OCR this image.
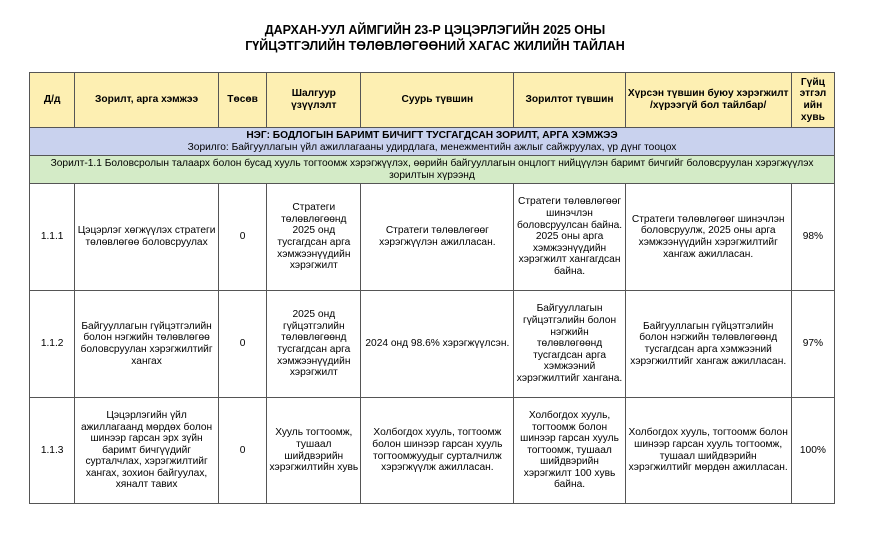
ДАРХАН-УУЛ АЙМГИЙН 23-Р ЦЭЦЭРЛЭГИЙН 2025 ОНЫ
ГҮЙЦЭТГЭЛИЙН ТӨЛӨВЛӨГӨӨНИЙ ХАГАС ЖИЛИЙН ТАЙЛАН
Д/д	Зорилт, арга хэмжээ	Төсөв	Шалгуур үзүүлэлт	Суурь түвшин	Зорилтот түвшин	Хүрсэн түвшин буюу хэрэгжилт /хүрээгүй бол тайлбар/	Гүйц этгэл ийн хувь

НЭГ: БОДЛОГЫН БАРИМТ БИЧИГТ ТУСГАГДСАН ЗОРИЛТ, АРГА ХЭМЖЭЭ
Зорилго: Байгууллагын үйл ажиллагааны удирдлага, менежментийн ажлыг сайжруулах, үр дүнг тооцох							
Зорилт-1.1 Боловсролын талаарх болон бусад хууль тогтоомж хэрэгжүүлэх, өөрийн байгууллагын онцлогт нийцүүлэн баримт бичгийг боловсруулан хэрэгжүүлэх зорилтын хүрээнд							
1.1.1	Цэцэрлэг хөгжүүлэх стратеги төлөвлөгөө боловсруулах	0	Стратеги төлөвлөгөөнд 2025 онд тусгагдсан арга хэмжээнүүдийн хэрэгжилт	Стратеги төлөвлөгөөг хэрэгжүүлэн ажилласан.	Стратеги төлөвлөгөөг шинэчлэн боловсруулсан байна. 2025 оны арга хэмжээнүүдийн хэрэгжилт хангагдсан байна.	Стратеги төлөвлөгөөг шинэчлэн боловсруулж, 2025 оны арга хэмжээнүүдийн хэрэгжилтийг хангаж ажилласан.	98%
1.1.2	Байгууллагын гүйцэтгэлийн болон нэгжийн төлөвлөгөө боловсруулан хэрэгжилтийг хангах	0	2025 онд гүйцэтгэлийн төлөвлөгөөнд тусгагдсан арга хэмжээнүүдийн хэрэгжилт	2024 онд 98.6% хэрэгжүүлсэн.	Байгууллагын гүйцэтгэлийн болон нэгжийн төлөвлөгөөнд тусгагдсан арга хэмжээний хэрэгжилтийг хангана.	Байгууллагын гүйцэтгэлийн болон нэгжийн төлөвлөгөөнд тусгагдсан арга хэмжээний хэрэгжилтийг хангаж ажилласан.	97%
1.1.3	Цэцэрлэгийн үйл ажиллагаанд мөрдөх болон шинээр гарсан эрх зүйн баримт бичгүүдийг сурталчлах, хэрэгжилтийг хангах, зохион байгуулах, хяналт тавих	0	Хууль тогтоомж, тушаал шийдвэрийн хэрэгжилтийн хувь	Холбогдох хууль, тогтоомж болон шинээр гарсан хууль тогтоомжуудыг сурталчилж хэрэгжүүлж ажилласан.	Холбогдох хууль, тогтоомж болон шинээр гарсан хууль тогтоомж, тушаал шийдвэрийн хэрэгжилт 100 хувь байна.	Холбогдох хууль, тогтоомж болон шинээр гарсан хууль тогтоомж, тушаал шийдвэрийн хэрэгжилтийг мөрдөн ажилласан.	100%
